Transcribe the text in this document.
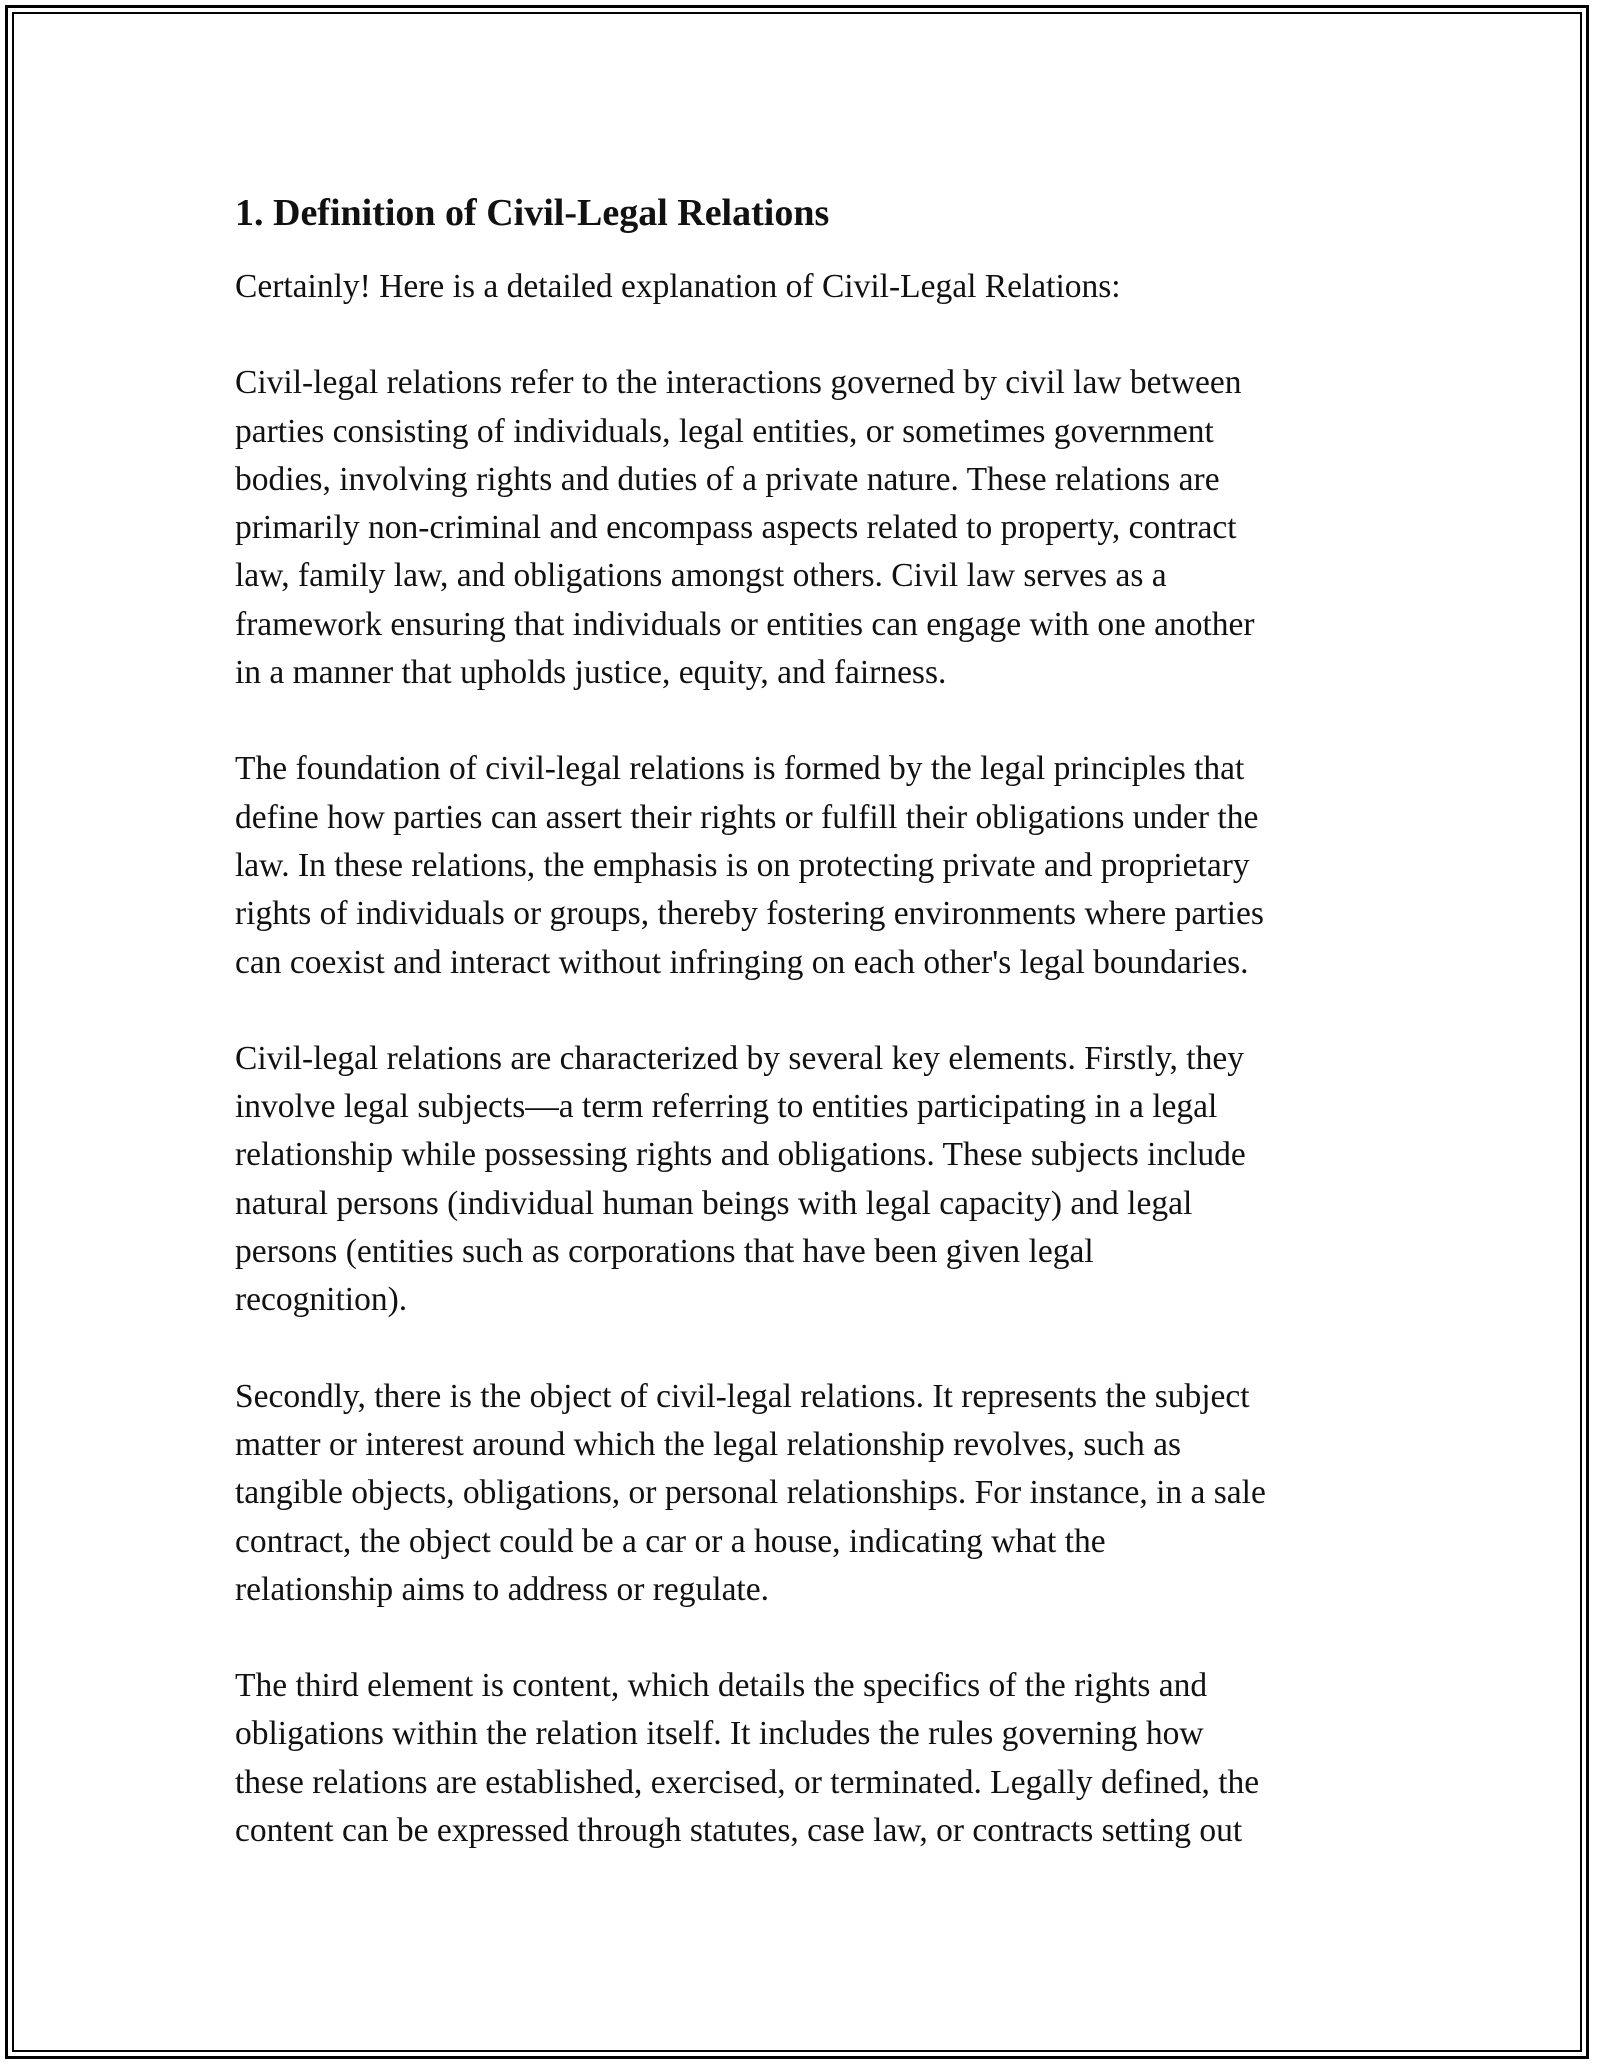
1. Definition of Civil-Legal Relations

Certainly! Here is a detailed explanation of Civil-Legal Relations:

Civil-legal relations refer to the interactions governed by civil law between
parties consisting of individuals, legal entities, or sometimes government
bodies, involving rights and duties of a private nature. These relations are
primarily non-criminal and encompass aspects related to property, contract
law, family law, and obligations amongst others. Civil law serves as a
framework ensuring that individuals or entities can engage with one another
in a manner that upholds justice, equity, and fairness.

The foundation of civil-legal relations is formed by the legal principles that
define how parties can assert their rights or fulfill their obligations under the
law. In these relations, the emphasis is on protecting private and proprietary
rights of individuals or groups, thereby fostering environments where parties
can coexist and interact without infringing on each other's legal boundaries.

Civil-legal relations are characterized by several key elements. Firstly, they
involve legal subjects—a term referring to entities participating in a legal
relationship while possessing rights and obligations. These subjects include
natural persons (individual human beings with legal capacity) and legal
persons (entities such as corporations that have been given legal
recognition).

Secondly, there is the object of civil-legal relations. It represents the subject
matter or interest around which the legal relationship revolves, such as
tangible objects, obligations, or personal relationships. For instance, in a sale
contract, the object could be a car or a house, indicating what the
relationship aims to address or regulate.

The third element is content, which details the specifics of the rights and
obligations within the relation itself. It includes the rules governing how
these relations are established, exercised, or terminated. Legally defined, the
content can be expressed through statutes, case law, or contracts setting out
